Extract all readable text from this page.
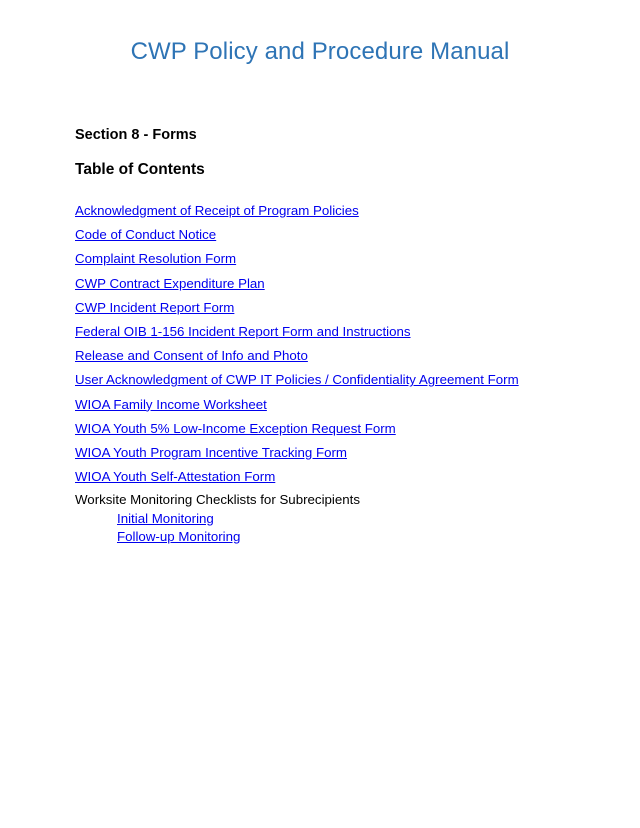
CWP Policy and Procedure Manual
Section 8 - Forms
Table of Contents
Acknowledgment of Receipt of Program Policies
Code of Conduct Notice
Complaint Resolution Form
CWP Contract Expenditure Plan
CWP Incident Report Form
Federal OIB 1-156 Incident Report Form and Instructions
Release and Consent of Info and Photo
User Acknowledgment of CWP IT Policies / Confidentiality Agreement Form
WIOA Family Income Worksheet
WIOA Youth 5% Low-Income Exception Request Form
WIOA Youth Program Incentive Tracking Form
WIOA Youth Self-Attestation Form

Worksite Monitoring Checklists for Subrecipients

Initial Monitoring
Follow-up Monitoring
